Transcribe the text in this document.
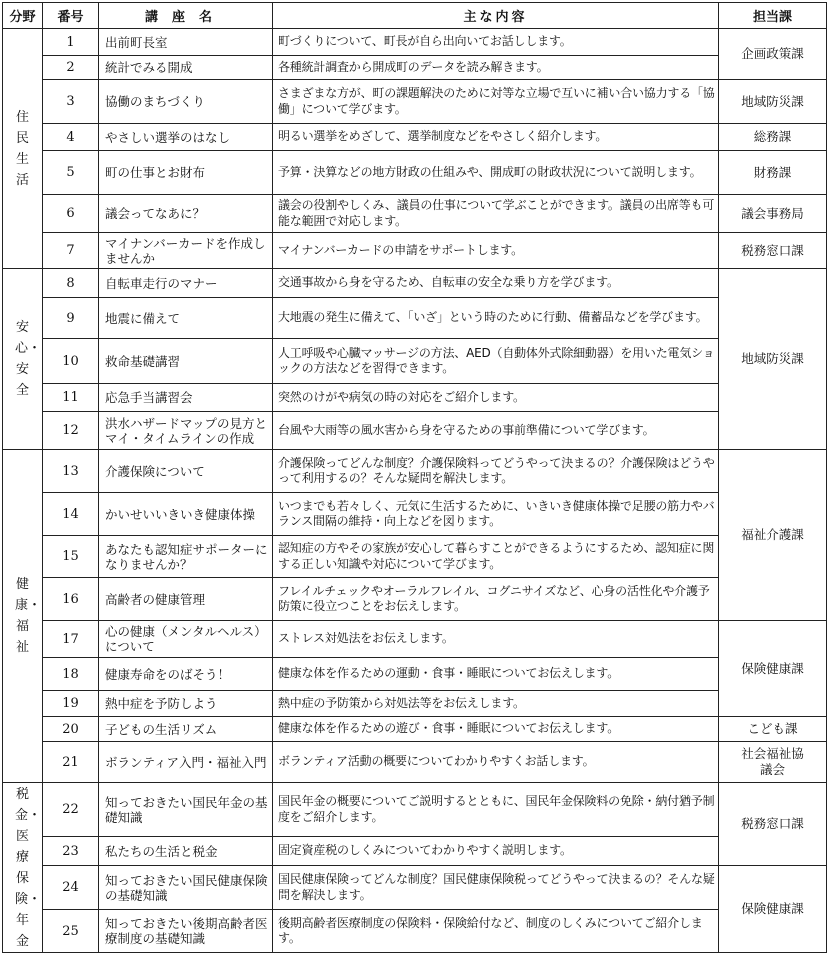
分野	番号	講座名	主な内容	担当課
住民生活	1	出前町長室	町づくりについて、町長が自ら出向いてお話しします。	企画政策課
	2	統計でみる開成	各種統計調査から開成町のデータを読み解きます。	
	3	協働のまちづくり	さまざまな方が、町の課題解決のために対等な立場で互いに補い合い協力する「協働」について学びます。	地域防災課
	4	やさしい選挙のはなし	明るい選挙をめざして、選挙制度などをやさしく紹介します。	総務課
	5	町の仕事とお財布	予算・決算などの地方財政の仕組みや、開成町の財政状況について説明します。	財務課
	6	議会ってなあに？	議会の役割やしくみ、議員の仕事について学ぶことができます。議員の出席等も可能な範囲で対応します。	議会事務局
	7	マイナンバーカードを作成しませんか	マイナンバーカードの申請をサポートします。	税務窓口課
安心・安全	8	自転車走行のマナー	交通事故から身を守るため、自転車の安全な乗り方を学びます。	地域防災課
	9	地震に備えて	大地震の発生に備えて、「いざ」という時のために行動、備蓄品などを学びます。	
	10	救命基礎講習	人工呼吸や心臓マッサージの方法、AED（自動体外式除細動器）を用いた電気ショックの方法などを習得できます。	
	11	応急手当講習会	突然のけがや病気の時の対応をご紹介します。	
	12	洪水ハザードマップの見方とマイ・タイムラインの作成	台風や大雨等の風水害から身を守るための事前準備について学びます。	
健康・福祉	13	介護保険について	介護保険ってどんな制度？介護保険料ってどうやって決まるの？介護保険はどうやって利用するの？そんな疑問を解決します。	福祉介護課
	14	かいせいいきいき健康体操	いつまでも若々しく、元気に生活するために、いきいき健康体操で足腰の筋力やバランス間隔の維持・向上などを図ります。	
	15	あなたも認知症サポーターになりませんか？	認知症の方やその家族が安心して暮らすことができるようにするため、認知症に関する正しい知識や対応について学びます。	
	16	高齢者の健康管理	フレイルチェックやオーラルフレイル、コグニサイズなど、心身の活性化や介護予防策に役立つことをお伝えします。	
	17	心の健康（メンタルヘルス）について	ストレス対処法をお伝えします。	保険健康課
	18	健康寿命をのばそう！	健康な体を作るための運動・食事・睡眠についてお伝えします。	
	19	熱中症を予防しよう	熱中症の予防策から対処法等をお伝えします。	
	20	子どもの生活リズム	健康な体を作るための遊び・食事・睡眠についてお伝えします。	こども課
	21	ボランティア入門・福祉入門	ボランティア活動の概要についてわかりやすくお話します。	社会福祉協議会
税金・医療保険・年金	22	知っておきたい国民年金の基礎知識	国民年金の概要についてご説明するとともに、国民年金保険料の免除・納付猶予制度をご紹介します。	税務窓口課
	23	私たちの生活と税金	固定資産税のしくみについてわかりやすく説明します。	
	24	知っておきたい国民健康保険の基礎知識	国民健康保険ってどんな制度？国民健康保険税ってどうやって決まるの？そんな疑問を解決します。	保険健康課
	25	知っておきたい後期高齢者医療制度の基礎知識	後期高齢者医療制度の保険料・保険給付など、制度のしくみについてご紹介します。	
